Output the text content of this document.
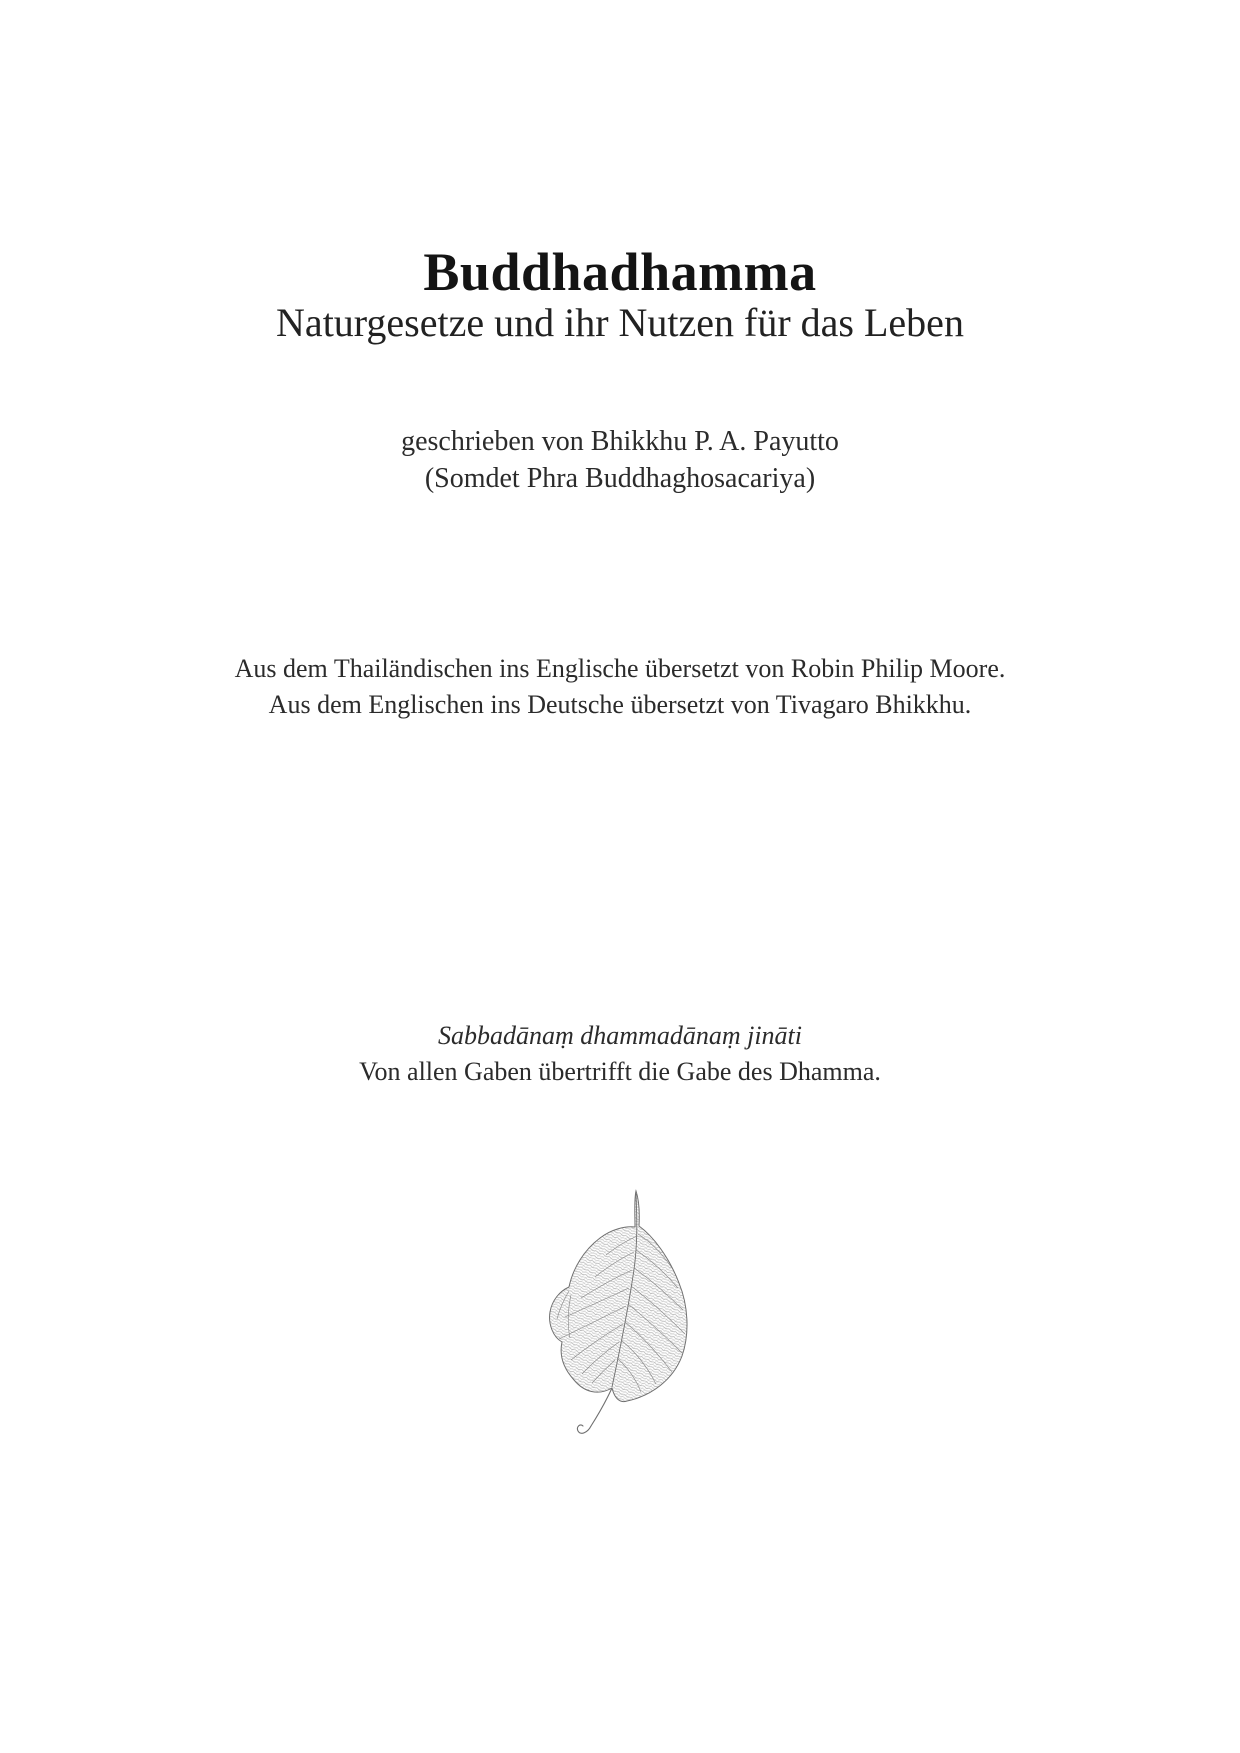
Buddhadhamma
Naturgesetze und ihr Nutzen für das Leben
geschrieben von Bhikkhu P. A. Payutto
(Somdet Phra Buddhaghosacariya)
Aus dem Thailändischen ins Englische übersetzt von Robin Philip Moore.
Aus dem Englischen ins Deutsche übersetzt von Tivagaro Bhikkhu.
Sabbadānaṃ dhammadānaṃ jināti
Von allen Gaben übertrifft die Gabe des Dhamma.
